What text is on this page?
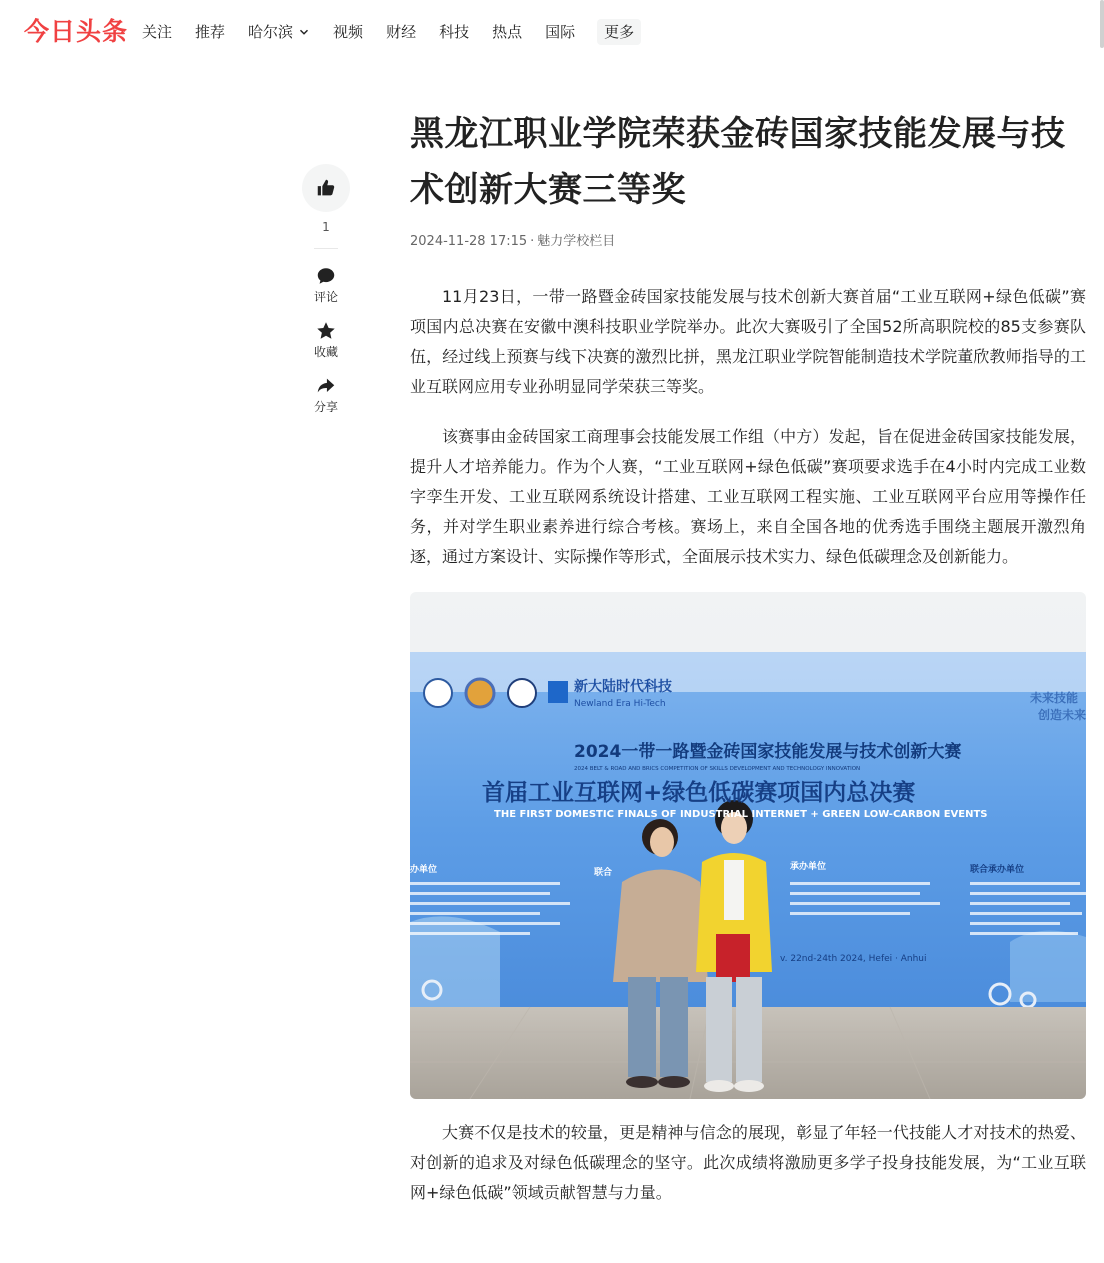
今日头条 关注 推荐 哈尔滨	视频 财经 科技 热点 国际	更多
1
评论
收藏
分享
黑龙江职业学院荣获金砖国家技能发展与技术创新大赛三等奖
2024-11-28 17:15 · 魅力学校栏目

11月23日，一带一路暨金砖国家技能发展与技术创新大赛首届“工业互联网+绿色低碳”赛项国内总决赛在安徽中澳科技职业学院举办。此次大赛吸引了全国52所高职院校的85支参赛队伍，经过线上预赛与线下决赛的激烈比拼，黑龙江职业学院智能制造技术学院董欣教师指导的工业互联网应用专业孙明显同学荣获三等奖。

该赛事由金砖国家工商理事会技能发展工作组（中方）发起，旨在促进金砖国家技能发展，提升人才培养能力。作为个人赛，“工业互联网+绿色低碳”赛项要求选手在4小时内完成工业数字孪生开发、工业互联网系统设计搭建、工业互联网工程实施、工业互联网平台应用等操作任务，并对学生职业素养进行综合考核。赛场上，来自全国各地的优秀选手围绕主题展开激烈角逐，通过方案设计、实际操作等形式，全面展示技术实力、绿色低碳理念及创新能力。

新大陆时代科技
Newland Era Hi-Tech
2024一带一路暨金砖国家技能发展与技术创新大赛
2024 BELT & ROAD AND BRICS COMPETITION OF SKILLS DEVELOPMENT AND TECHNOLOGY INNOVATION
首届工业互联网+绿色低碳赛项国内总决赛
THE FIRST DOMESTIC FINALS OF INDUSTRIAL INTERNET + GREEN LOW-CARBON EVENTS
办单位	联合
承办单位	联合承办单位
v. 22nd-24th 2024, Hefei · Anhui
未来技能
创造未来

大赛不仅是技术的较量，更是精神与信念的展现，彰显了年轻一代技能人才对技术的热爱、对创新的追求及对绿色低碳理念的坚守。此次成绩将激励更多学子投身技能发展，为“工业互联网+绿色低碳”领域贡献智慧与力量。
